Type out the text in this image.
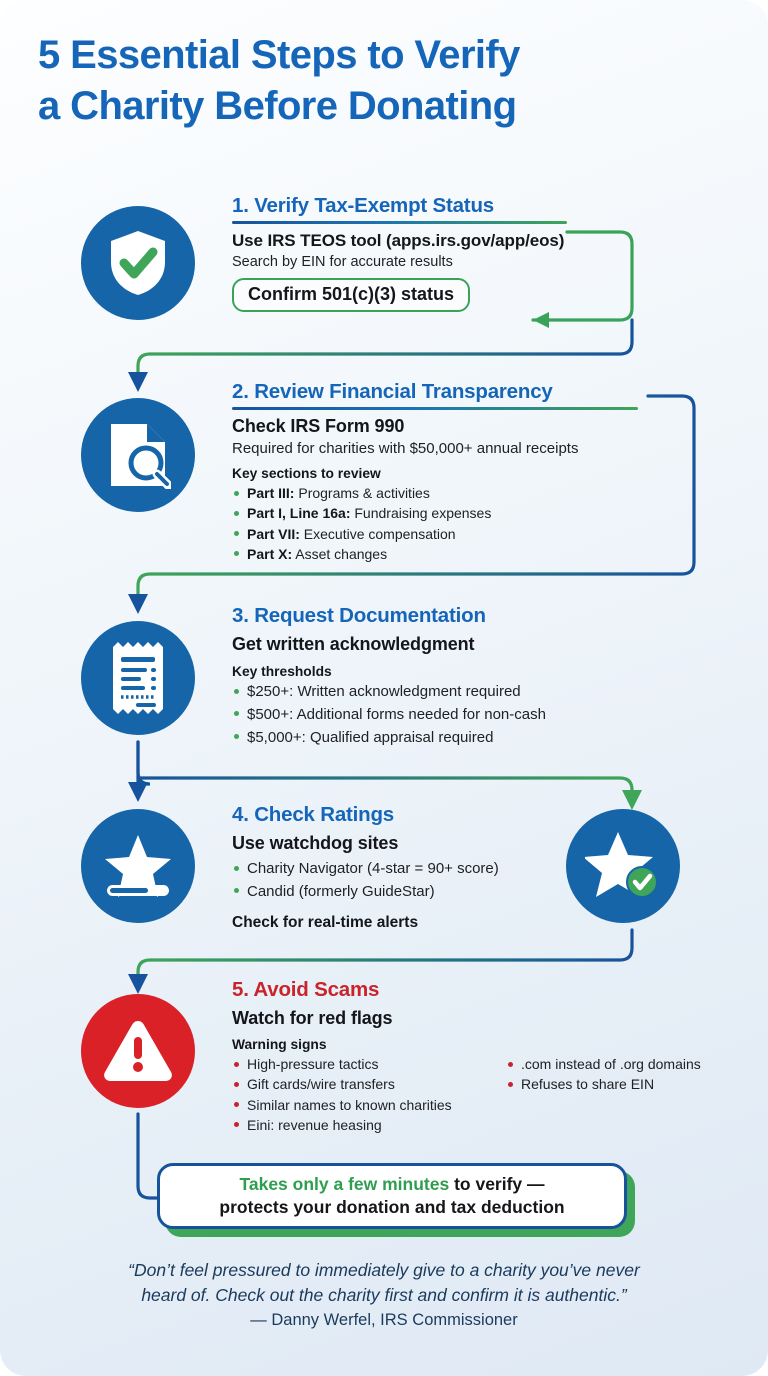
5 Essential Steps to Verify
a Charity Before Donating
1. Verify Tax-Exempt Status
Use IRS TEOS tool (apps.irs.gov/app/eos)
Search by EIN for accurate results
Confirm 501(c)(3) status
2. Review Financial Transparency
Check IRS Form 990
Required for charities with $50,000+ annual receipts
Key sections to review
Part III: Programs & activities
Part I, Line 16a: Fundraising expenses
Part VII: Executive compensation
Part X: Asset changes
3. Request Documentation
Get written acknowledgment
Key thresholds
$250+: Written acknowledgment required
$500+: Additional forms needed for non-cash
$5,000+: Qualified appraisal required
4. Check Ratings
Use watchdog sites
Charity Navigator (4-star = 90+ score)
Candid (formerly GuideStar)
Check for real-time alerts
5. Avoid Scams
Watch for red flags
Warning signs
High-pressure tactics
Gift cards/wire transfers
Similar names to known charities
Eini: revenue heasing
.com instead of .org domains
Refuses to share EIN
Takes only a few minutes to verify —
protects your donation and tax deduction
“Don’t feel pressured to immediately give to a charity you’ve never
heard of. Check out the charity first and confirm it is authentic.”
— Danny Werfel, IRS Commissioner
